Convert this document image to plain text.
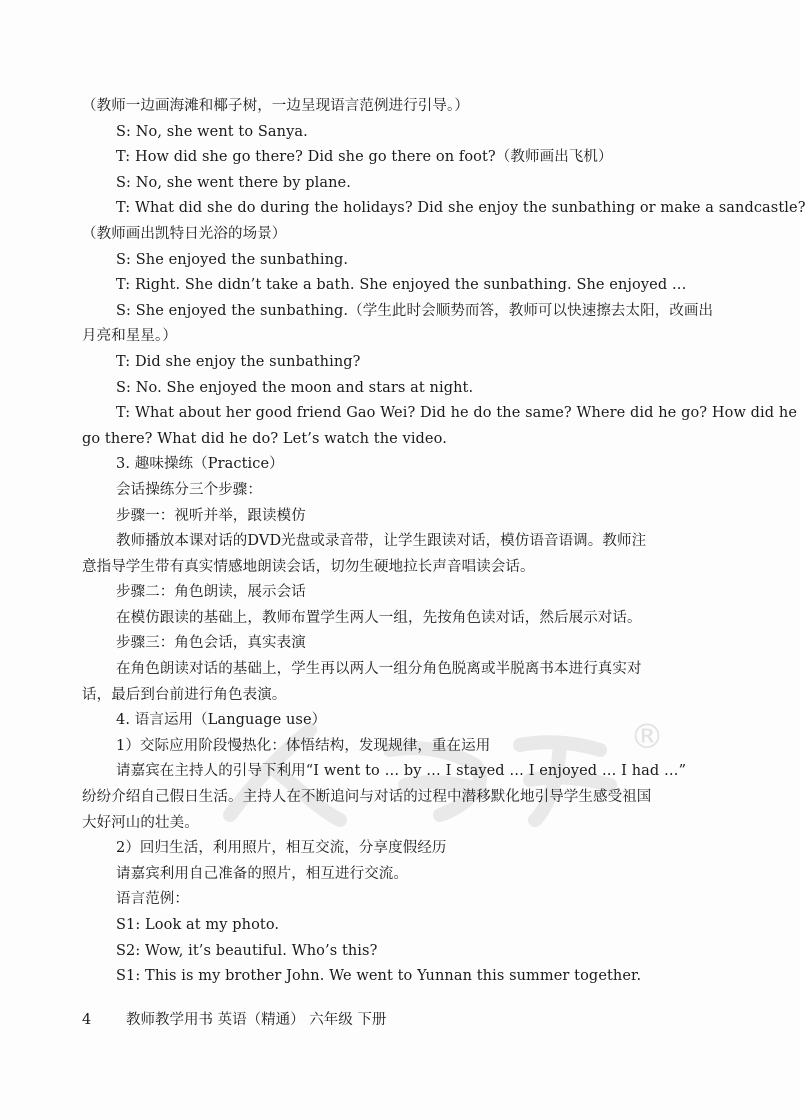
®

（教师一边画海滩和椰子树，一边呈现语言范例进行引导。）

S: No, she went to Sanya.

T: How did she go there? Did she go there on foot?（教师画出飞机）

S: No, she went there by plane.

T: What did she do during the holidays? Did she enjoy the sunbathing or make a sandcastle?

（教师画出凯特日光浴的场景）

S: She enjoyed the sunbathing.

T: Right. She didn’t take a bath. She enjoyed the sunbathing. She enjoyed …

S: She enjoyed the sunbathing.（学生此时会顺势而答，教师可以快速擦去太阳，改画出

月亮和星星。）

T: Did she enjoy the sunbathing?

S: No. She enjoyed the moon and stars at night.

T: What about her good friend Gao Wei? Did he do the same? Where did he go? How did he

go there? What did he do? Let’s watch the video.

3. 趣味操练（Practice）

会话操练分三个步骤：

步骤一：视听并举，跟读模仿

教师播放本课对话的DVD光盘或录音带，让学生跟读对话，模仿语音语调。教师注

意指导学生带有真实情感地朗读会话，切勿生硬地拉长声音唱读会话。

步骤二：角色朗读，展示会话

在模仿跟读的基础上，教师布置学生两人一组，先按角色读对话，然后展示对话。

步骤三：角色会话，真实表演

在角色朗读对话的基础上，学生再以两人一组分角色脱离或半脱离书本进行真实对

话，最后到台前进行角色表演。

4. 语言运用（Language use）

1）交际应用阶段慢热化：体悟结构，发现规律，重在运用

请嘉宾在主持人的引导下利用“I went to … by … I stayed … I enjoyed … I had …”

纷纷介绍自己假日生活。主持人在不断追问与对话的过程中潜移默化地引导学生感受祖国

大好河山的壮美。

2）回归生活，利用照片，相互交流，分享度假经历

请嘉宾利用自己准备的照片，相互进行交流。

语言范例：

S1: Look at my photo.

S2: Wow, it’s beautiful. Who’s this?

S1: This is my brother John. We went to Yunnan this summer together.

4 教师教学用书 英语（精通） 六年级 下册
